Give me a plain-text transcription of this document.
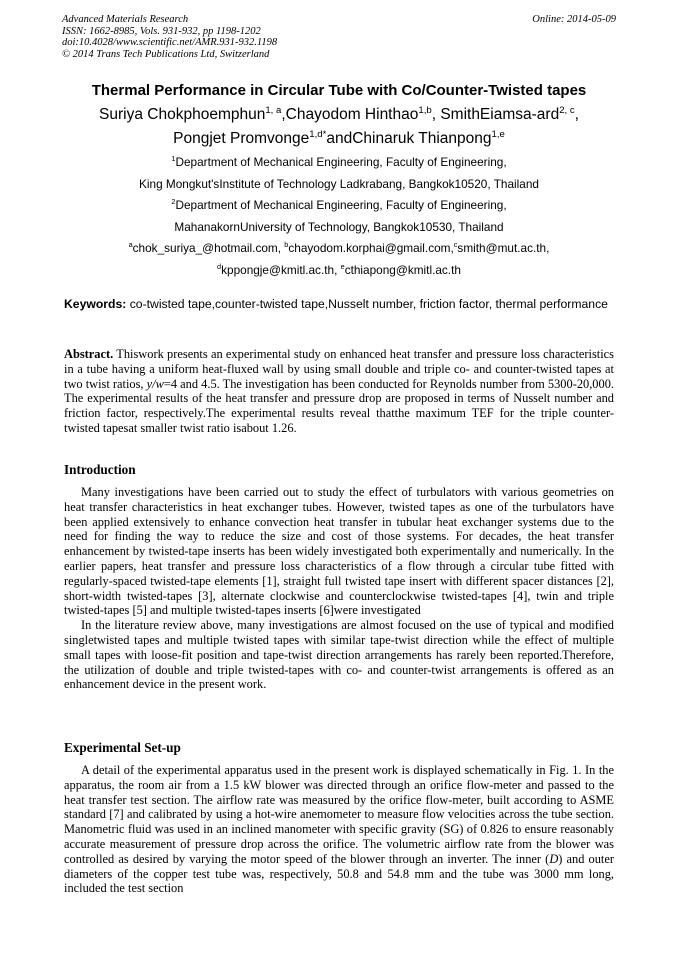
Advanced Materials Research
ISSN: 1662-8985, Vols. 931-932, pp 1198-1202
doi:10.4028/www.scientific.net/AMR.931-932.1198
© 2014 Trans Tech Publications Ltd, Switzerland
Online: 2014-05-09
Thermal Performance in Circular Tube with Co/Counter-Twisted tapes
Suriya Chokphoemphun$^{1, a}$,Chayodom Hinthao$^{1,b}$, SmithEiamsa-ard$^{2, c}$,
Pongjet Promvonge$^{1,d*}$andChinaruk Thianpong$^{1,e}$
$^1$Department of Mechanical Engineering, Faculty of Engineering,
King Mongkut'sInstitute of Technology Ladkrabang, Bangkok10520, Thailand
$^2$Department of Mechanical Engineering, Faculty of Engineering,
MahanakornUniversity of Technology, Bangkok10530, Thailand
$^a$chok_suriya_@hotmail.com, $^b$chayodom.korphai@gmail.com,$^c$smith@mut.ac.th,
$^d$kppongje@kmitl.ac.th, $^e$cthiapong@kmitl.ac.th
Keywords: co-twisted tape,counter-twisted tape,Nusselt number, friction factor, thermal performance

Abstract. Thiswork presents an experimental study on enhanced heat transfer and pressure loss characteristics in a tube having a uniform heat-fluxed wall by using small double and triple co- and counter-twisted tapes at two twist ratios, y/w=4 and 4.5. The investigation has been conducted for Reynolds number from 5300-20,000. The experimental results of the heat transfer and pressure drop are proposed in terms of Nusselt number and friction factor, respectively.The experimental results reveal thatthe maximum TEF for the triple counter-twisted tapesat smaller twist ratio isabout 1.26.

Introduction

Many investigations have been carried out to study the effect of turbulators with various geometries on heat transfer characteristics in heat exchanger tubes. However, twisted tapes as one of the turbulators have been applied extensively to enhance convection heat transfer in tubular heat exchanger systems due to the need for finding the way to reduce the size and cost of those systems. For decades, the heat transfer enhancement by twisted-tape inserts has been widely investigated both experimentally and numerically. In the earlier papers, heat transfer and pressure loss characteristics of a flow through a circular tube fitted with regularly-spaced twisted-tape elements [1], straight full twisted tape insert with different spacer distances [2], short-width twisted-tapes [3], alternate clockwise and counterclockwise twisted-tapes [4], twin and triple twisted-tapes [5] and multiple twisted-tapes inserts [6]were investigated

In the literature review above, many investigations are almost focused on the use of typical and modified singletwisted tapes and multiple twisted tapes with similar tape-twist direction while the effect of multiple small tapes with loose-fit position and tape-twist direction arrangements has rarely been reported.Therefore, the utilization of double and triple twisted-tapes with co- and counter-twist arrangements is offered as an enhancement device in the present work.

Experimental Set-up

A detail of the experimental apparatus used in the present work is displayed schematically in Fig. 1. In the apparatus, the room air from a 1.5 kW blower was directed through an orifice flow-meter and passed to the heat transfer test section. The airflow rate was measured by the orifice flow-meter, built according to ASME standard [7] and calibrated by using a hot-wire anemometer to measure flow velocities across the tube section. Manometric fluid was used in an inclined manometer with specific gravity (SG) of 0.826 to ensure reasonably accurate measurement of pressure drop across the orifice. The volumetric airflow rate from the blower was controlled as desired by varying the motor speed of the blower through an inverter. The inner (D) and outer diameters of the copper test tube was, respectively, 50.8 and 54.8 mm and the tube was 3000 mm long, included the test section
